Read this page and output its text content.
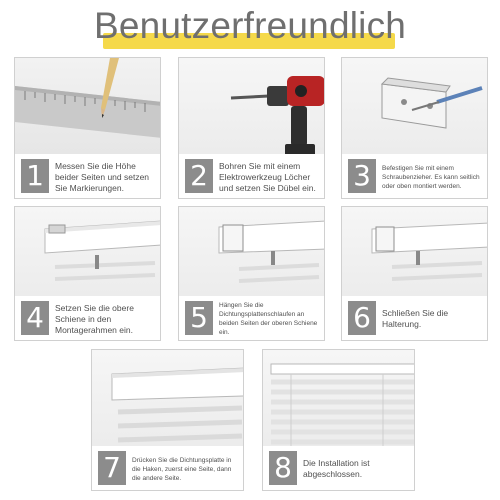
Benutzerfreundlich
1	Messen Sie die Höhe beider Seiten und setzen Sie Markierungen.	2	Bohren Sie mit einem Elektrowerkzeug Löcher und setzen Sie Dübel ein. 3	Befestigen Sie mit einem Schraubenzieher. Es kann seitlich oder oben montiert werden.
4	Setzen Sie die obere Schiene in den Montagerahmen ein.	5	Hängen Sie die Dichtungsplattenschlaufen an beiden Seiten der oberen Schiene ein.	6	Schließen Sie die Halterung.
7	Drücken Sie die Dichtungsplatte in die Haken, zuerst eine Seite, dann die andere Seite.	8	Die Installation ist abgeschlossen.
